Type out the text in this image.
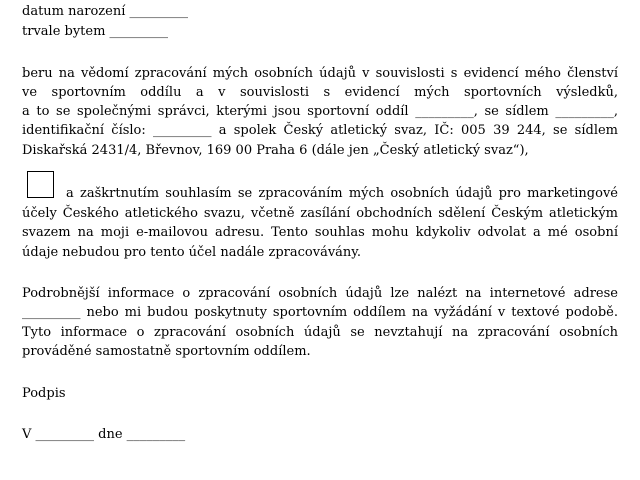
datum narození _________
trvale bytem _________
beru na vědomí zpracování mých osobních údajů v souvislosti s evidencí mého členství
ve sportovním oddílu a v souvislosti s evidencí mých sportovních výsledků,
a to se společnými správci, kterými jsou sportovní oddíl _________, se sídlem _________,
identifikační číslo: _________ a spolek Český atletický svaz, IČ: 005 39 244, se sídlem
Diskařská 2431/4, Břevnov, 169 00 Praha 6 (dále jen „Český atletický svaz“),
a zaškrtnutím souhlasím se zpracováním mých osobních údajů pro marketingové
účely Českého atletického svazu, včetně zasílání obchodních sdělení Českým atletickým
svazem na moji e-mailovou adresu. Tento souhlas mohu kdykoliv odvolat a mé osobní
údaje nebudou pro tento účel nadále zpracovávány.
Podrobnější informace o zpracování osobních údajů lze nalézt na internetové adrese
_________ nebo mi budou poskytnuty sportovním oddílem na vyžádání v textové podobě.
Tyto informace o zpracování osobních údajů se nevztahují na zpracování osobních
prováděné samostatně sportovním oddílem.
Podpis
V _________ dne _________
